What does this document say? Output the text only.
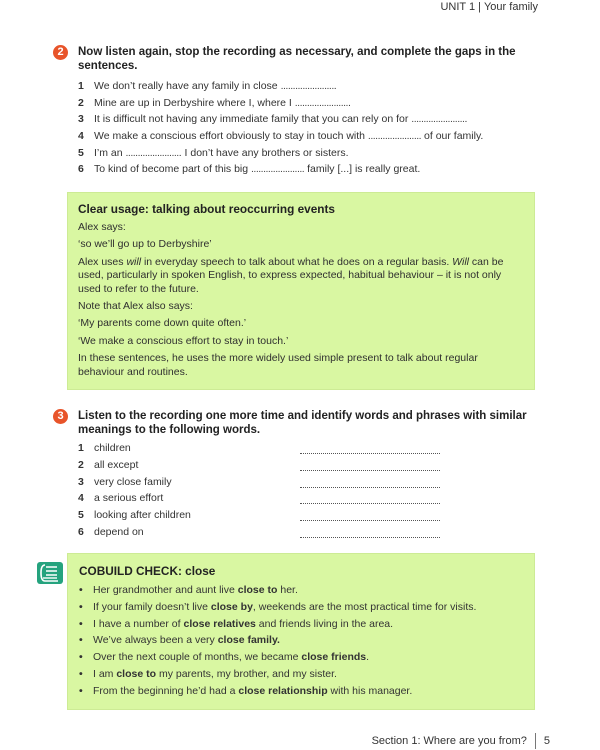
UNIT 1 | Your family
2	Now listen again, stop the recording as necessary, and complete the gaps in the sentences.
1 We don’t really have any family in close .......................
2 Mine are up in Derbyshire where I, where I .......................
3 It is difficult not having any immediate family that you can rely on for .......................
4 We make a conscious effort obviously to stay in touch with ...................... of our family.
5 I’m an ....................... I don’t have any brothers or sisters.
6 To kind of become part of this big ...................... family [...] is really great.
Clear usage: talking about reoccurring events

Alex says:

‘so we’ll go up to Derbyshire’

Alex uses will in everyday speech to talk about what he does on a regular basis. Will can be used, particularly in spoken English, to express expected, habitual behaviour – it is not only used to refer to the future.

Note that Alex also says:

‘My parents come down quite often.’

‘We make a conscious effort to stay in touch.’

In these sentences, he uses the more widely used simple present to talk about regular behaviour and routines.

3	Listen to the recording one more time and identify words and phrases with similar meanings to the following words.
1 children
2 all except
3 very close family
4 a serious effort
5 looking after children
6 depend on
COBUILD CHECK: close
• Her grandmother and aunt live close to her.
• If your family doesn’t live close by, weekends are the most practical time for visits.
• I have a number of close relatives and friends living in the area.
• We’ve always been a very close family.
• Over the next couple of months, we became close friends.
• I am close to my parents, my brother, and my sister.
• From the beginning he’d had a close relationship with his manager.
Section 1: Where are you from? 5
